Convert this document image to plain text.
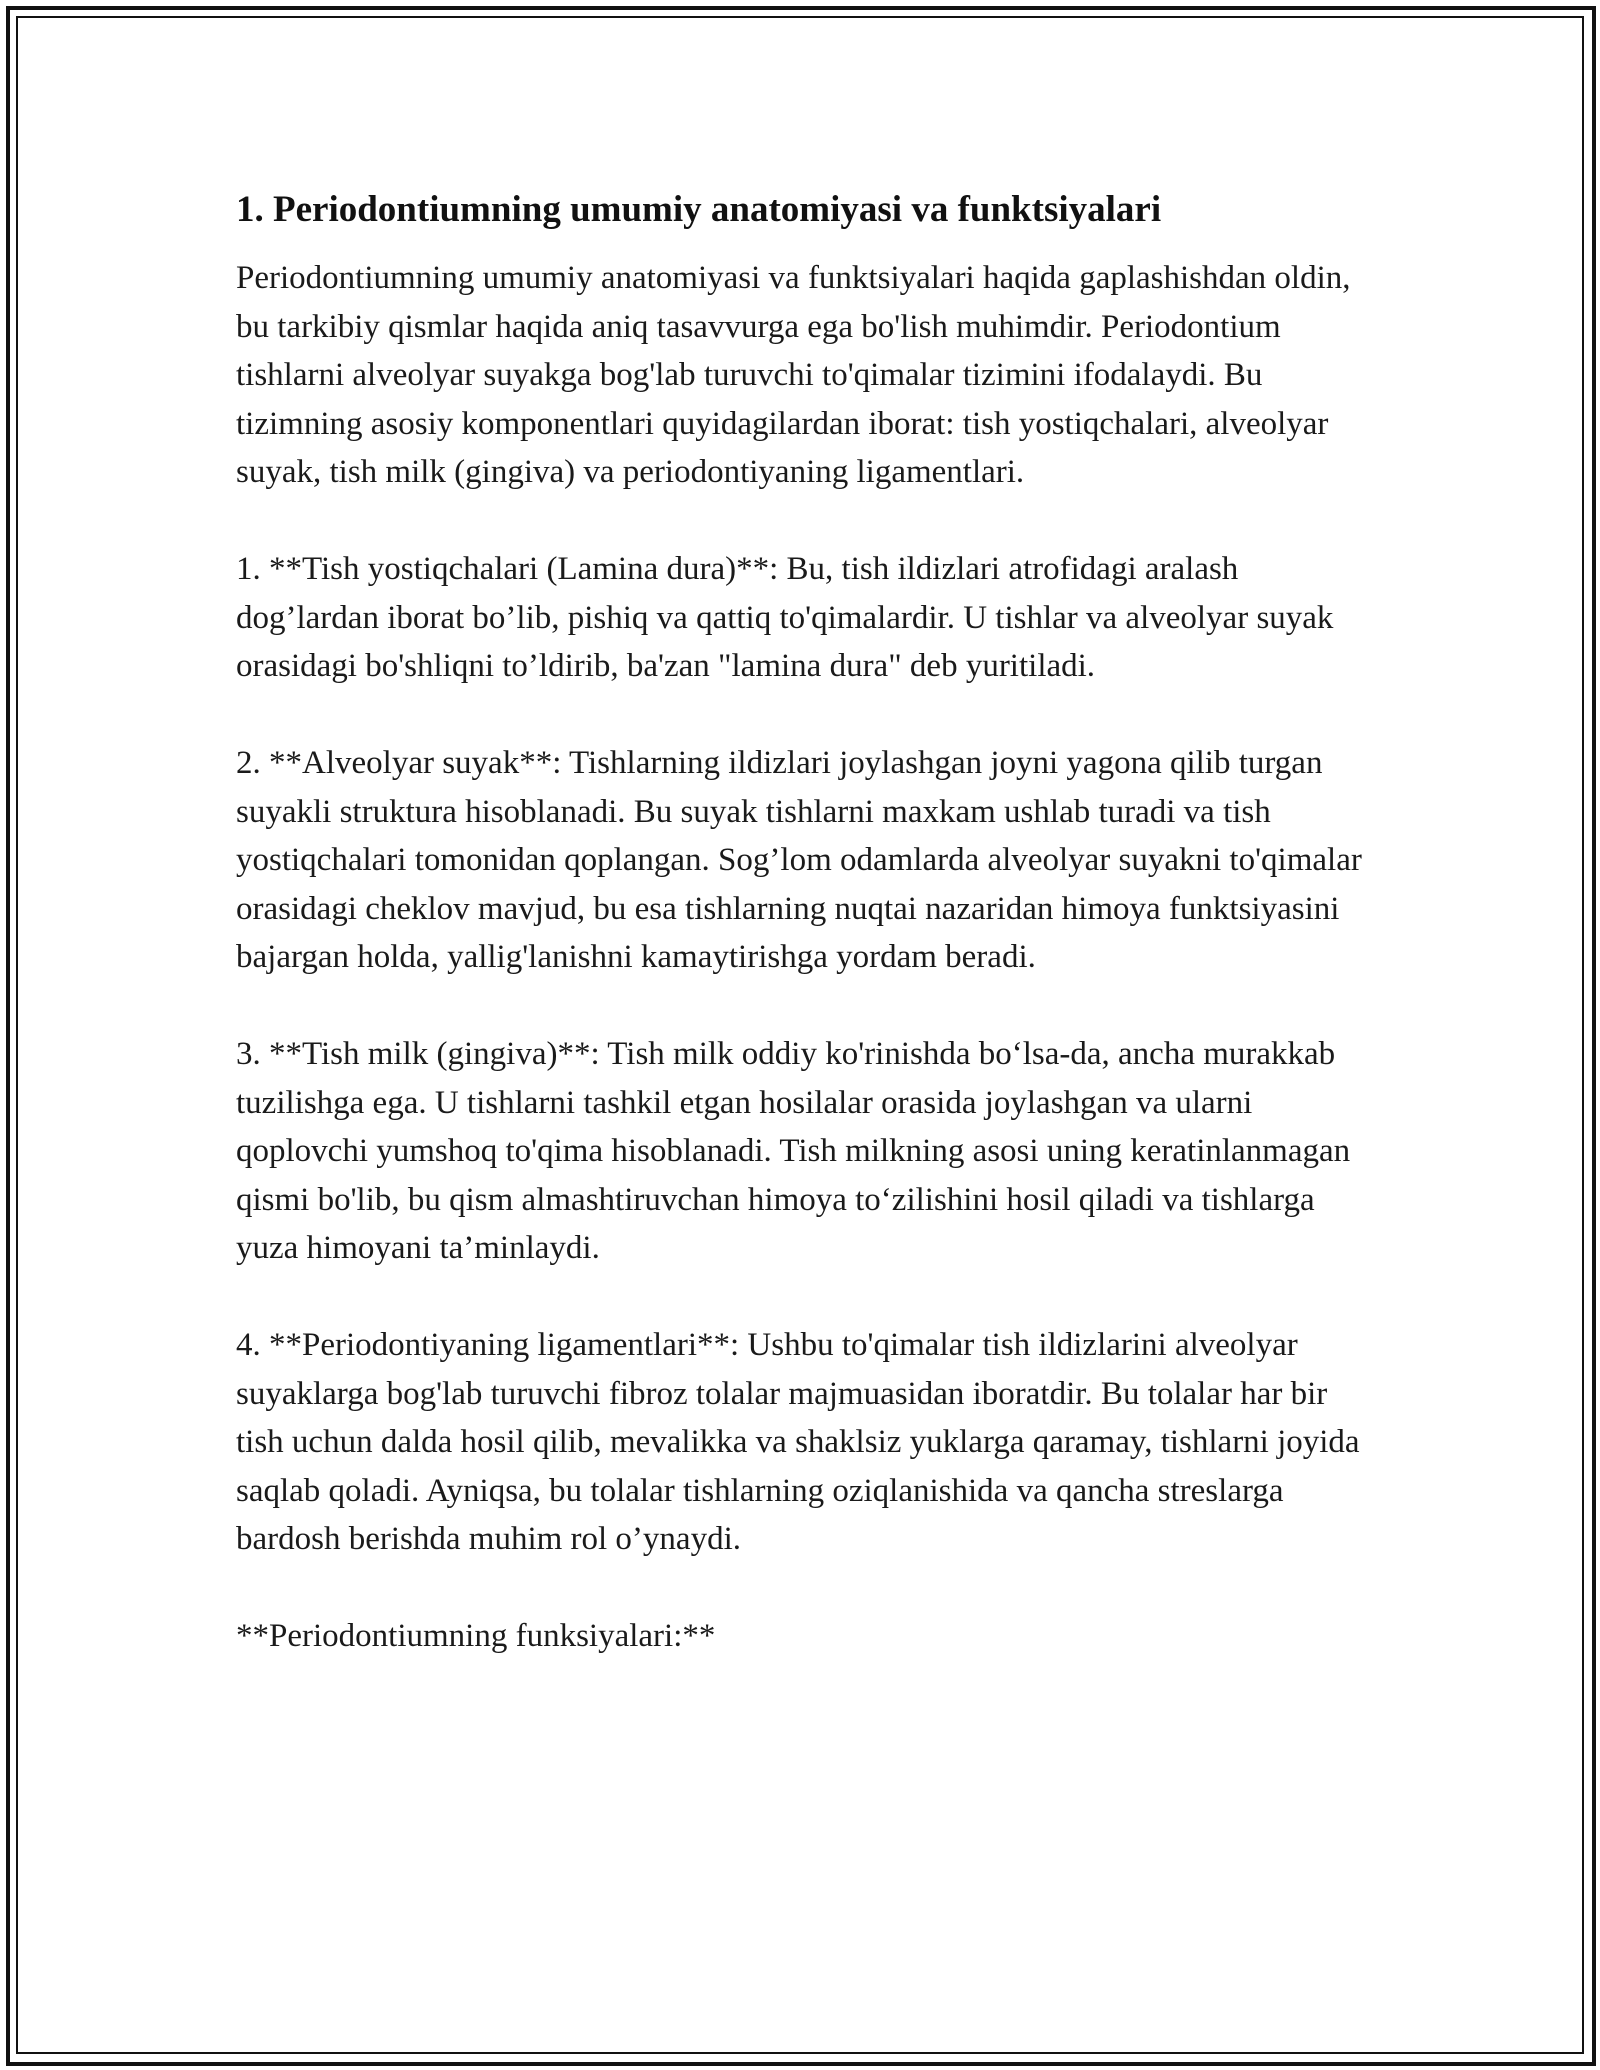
1. Periodontiumning umumiy anatomiyasi va funktsiyalari

Periodontiumning umumiy anatomiyasi va funktsiyalari haqida gaplashishdan oldin, bu tarkibiy qismlar haqida aniq tasavvurga ega bo'lish muhimdir. Periodontium tishlarni alveolyar suyakga bog'lab turuvchi to'qimalar tizimini ifodalaydi. Bu tizimning asosiy komponentlari quyidagilardan iborat: tish yostiqchalari, alveolyar suyak, tish milk (gingiva) va periodontiyaning ligamentlari.

1. **Tish yostiqchalari (Lamina dura)**: Bu, tish ildizlari atrofidagi aralash dog’lardan iborat bo’lib, pishiq va qattiq to'qimalardir. U tishlar va alveolyar suyak orasidagi bo'shliqni to’ldirib, ba'zan "lamina dura" deb yuritiladi.

2. **Alveolyar suyak**: Tishlarning ildizlari joylashgan joyni yagona qilib turgan suyakli struktura hisoblanadi. Bu suyak tishlarni maxkam ushlab turadi va tish yostiqchalari tomonidan qoplangan. Sog’lom odamlarda alveolyar suyakni to'qimalar orasidagi cheklov mavjud, bu esa tishlarning nuqtai nazaridan himoya funktsiyasini bajargan holda, yallig'lanishni kamaytirishga yordam beradi.

3. **Tish milk (gingiva)**: Tish milk oddiy ko'rinishda bo‘lsa-da, ancha murakkab tuzilishga ega. U tishlarni tashkil etgan hosilalar orasida joylashgan va ularni qoplovchi yumshoq to'qima hisoblanadi. Tish milkning asosi uning keratinlanmagan qismi bo'lib, bu qism almashtiruvchan himoya to‘zilishini hosil qiladi va tishlarga yuza himoyani ta’minlaydi.

4. **Periodontiyaning ligamentlari**: Ushbu to'qimalar tish ildizlarini alveolyar suyaklarga bog'lab turuvchi fibroz tolalar majmuasidan iboratdir. Bu tolalar har bir tish uchun dalda hosil qilib, mevalikka va shaklsiz yuklarga qaramay, tishlarni joyida saqlab qoladi. Ayniqsa, bu tolalar tishlarning oziqlanishida va qancha streslarga bardosh berishda muhim rol o’ynaydi.

**Periodontiumning funksiyalari:**
